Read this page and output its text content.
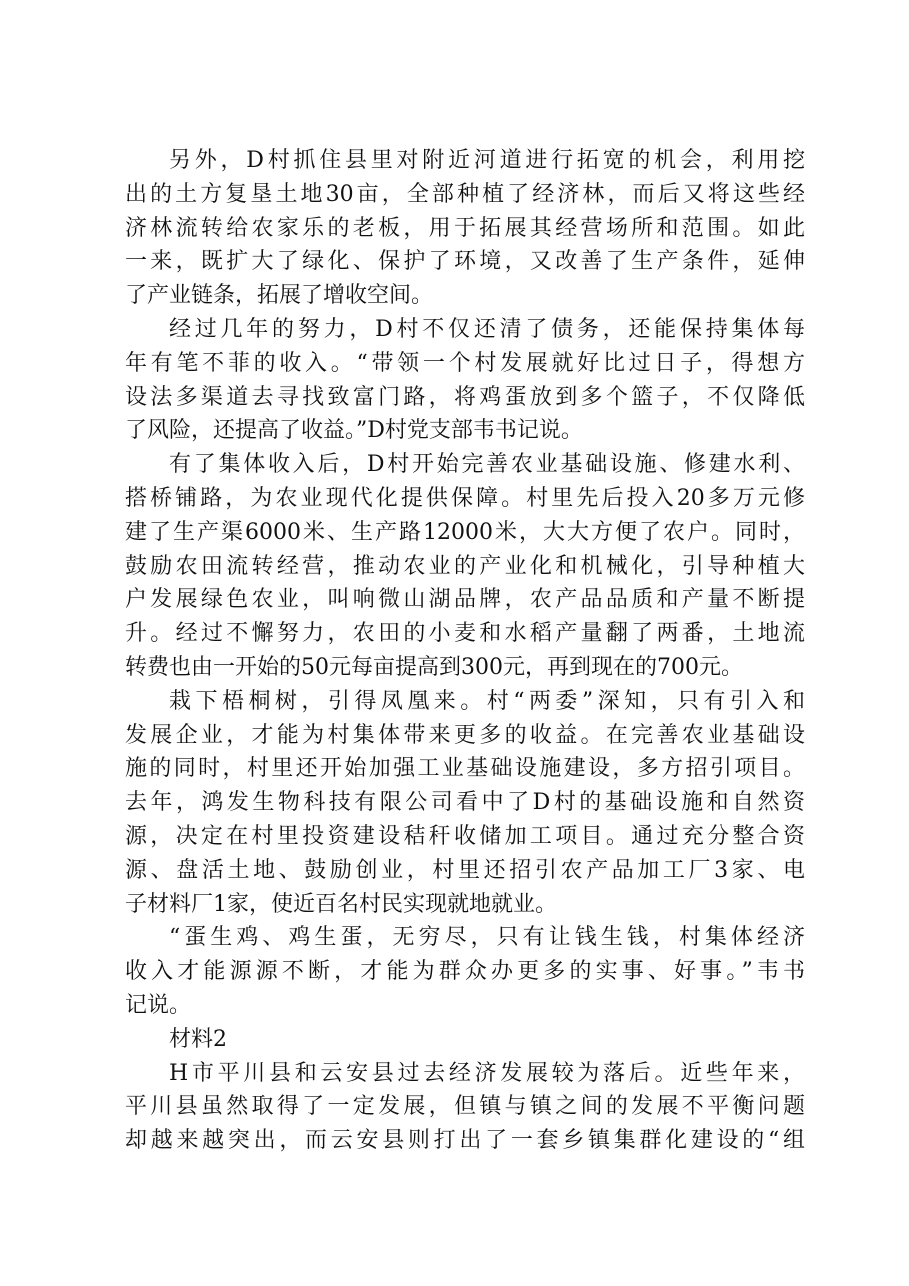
另外，D村抓住县里对附近河道进行拓宽的机会，利用挖
出的土方复垦土地30亩，全部种植了经济林，而后又将这些经
济林流转给农家乐的老板，用于拓展其经营场所和范围。如此
一来，既扩大了绿化、保护了环境，又改善了生产条件，延伸
了产业链条，拓展了增收空间。
经过几年的努力，D村不仅还清了债务，还能保持集体每
年有笔不菲的收入。“带领一个村发展就好比过日子，得想方
设法多渠道去寻找致富门路，将鸡蛋放到多个篮子，不仅降低
了风险，还提高了收益。”D村党支部韦书记说。
有了集体收入后，D村开始完善农业基础设施、修建水利、
搭桥铺路，为农业现代化提供保障。村里先后投入20多万元修
建了生产渠6000米、生产路12000米，大大方便了农户。同时，
鼓励农田流转经营，推动农业的产业化和机械化，引导种植大
户发展绿色农业，叫响微山湖品牌，农产品品质和产量不断提
升。经过不懈努力，农田的小麦和水稻产量翻了两番，土地流
转费也由一开始的50元每亩提高到300元，再到现在的700元。
栽下梧桐树，引得凤凰来。村“两委”深知，只有引入和
发展企业，才能为村集体带来更多的收益。在完善农业基础设
施的同时，村里还开始加强工业基础设施建设，多方招引项目。
去年，鸿发生物科技有限公司看中了D村的基础设施和自然资
源，决定在村里投资建设秸秆收储加工项目。通过充分整合资
源、盘活土地、鼓励创业，村里还招引农产品加工厂3家、电
子材料厂1家，使近百名村民实现就地就业。
“蛋生鸡、鸡生蛋，无穷尽，只有让钱生钱，村集体经济
收入才能源源不断，才能为群众办更多的实事、好事。”韦书
记说。
材料2
H市平川县和云安县过去经济发展较为落后。近些年来，
平川县虽然取得了一定发展，但镇与镇之间的发展不平衡问题
却越来越突出，而云安县则打出了一套乡镇集群化建设的“组
